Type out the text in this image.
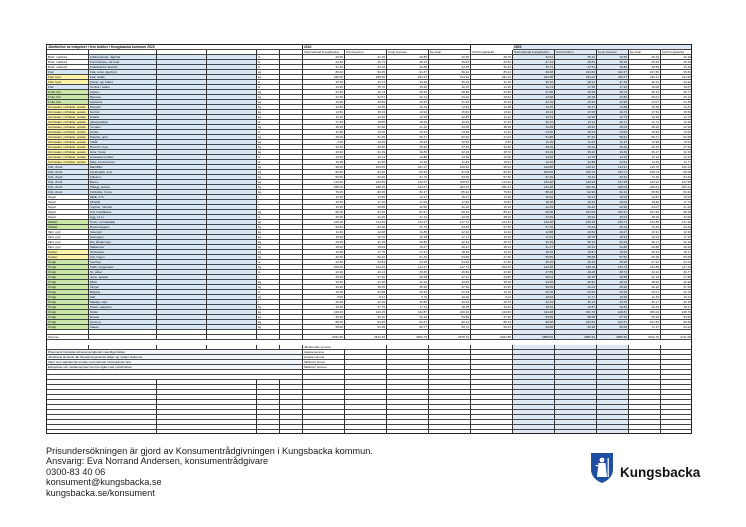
Jämförelse av matpriser i fem butiker i Kungsbacka kommun 2023	2022	2023
Stormarknad Kungsbacka	ICA Kvantum	Coop Konsum	Hemköp	Lidl Kungsbacka	Stormarknad Kungsbacka	ICA Kvantum	Coop Konsum	Hemköp	Lidl Kungsbacka
Bröd, matbröd	Fullkornsbröd, rågbröd	st	29.95	31.45	30.85	32.35	28.75	33.54	35.22	34.55	36.23	32.20
Bröd, matbröd	Formfranska, vitt bröd	st	24.50	25.73	25.23	26.46	23.52	27.44	28.81	28.26	29.64	26.34
Bröd, matbröd	Knäckebröd, fiberrikt	st	31.90	33.49	32.86	34.45	30.62	35.73	37.51	36.80	38.59	34.30
Fisk	Fisk, torsk, djupfryst	kg	89.00	93.45	91.67	96.12	85.44	99.68	104.66	102.67	107.65	95.69
Fisk, fryst	Fisk, laxfilé	kg	199.00	208.95	204.97	214.92	191.04	222.88	234.02	229.57	240.71	213.96
Fisk, fryst	Kaviar, typ Kalles	st	32.50	34.13	33.48	35.10	31.20	36.40	38.22	37.49	39.31	34.94
Fisk	Tonfisk i vatten	st	14.95	15.70	15.40	16.15	14.35	16.74	17.58	17.25	18.08	16.07
Frukt, bär	Äpplen	kg	24.90	26.14	25.65	26.89	23.90	27.89	29.28	28.72	30.12	26.77
Frukt, bär	Bananer	kg	21.50	22.57	22.14	23.22	20.64	24.08	25.28	24.80	26.01	23.12
Frukt, bär	Apelsiner	kg	19.90	20.89	20.50	21.49	19.10	22.29	23.40	22.96	24.07	21.40
Grönsaker, rotfrukter, potatis	Morötter	kg	12.90	13.55	13.29	13.93	12.38	14.45	15.17	14.88	15.60	13.87
Grönsaker, rotfrukter, potatis	Gul lök	kg	14.50	15.23	14.94	15.66	13.92	16.24	17.05	16.73	17.54	15.59
Grönsaker, rotfrukter, potatis	Potatis	kg	11.90	12.50	12.26	12.85	11.42	13.33	13.99	13.73	14.39	12.79
Grönsaker, rotfrukter, potatis	Isbergssallad	st	17.95	18.85	18.49	19.39	17.23	20.10	21.11	20.71	21.71	19.30
Grönsaker, rotfrukter, potatis	Tomater	kg	39.90	41.90	41.10	43.09	38.30	44.69	46.92	46.03	48.26	42.90
Grönsaker, rotfrukter, potatis	Gurka	st	12.95	13.60	13.34	13.99	12.43	14.50	15.23	14.94	15.66	13.92
Grönsaker, rotfrukter, potatis	Paprika, grön	kg	49.00	51.45	50.47	52.92	47.04	54.88	57.62	56.53	59.27	52.68
Grönsaker, rotfrukter, potatis	Vitkål	kg	9.90	10.40	10.20	10.69	9.50	11.09	11.64	11.42	11.98	10.64
Grönsaker, rotfrukter, potatis	Broccoli, fryst	kg	34.90	36.65	35.95	37.69	33.50	39.09	41.04	40.26	42.22	37.52
Grönsaker, rotfrukter, potatis	Ärtor, frysta	kg	29.90	31.39	30.80	32.29	28.70	33.49	35.16	34.49	36.17	32.15
Grönsaker, rotfrukter, potatis	Krossade tomater	st	12.50	13.13	12.88	13.50	12.00	14.00	14.70	14.42	15.12	13.44
Grönsaker, rotfrukter, potatis	Majs, konserverad	st	10.95	11.50	11.28	11.83	10.51	12.26	12.88	12.63	13.25	11.77
Kött, chark	Blandfärs	kg	99.00	103.95	101.97	106.92	95.04	110.88	116.42	114.21	119.75	106.44
Kött, chark	Kycklingfilé, fryst	kg	89.90	94.40	92.60	97.09	86.30	100.69	105.72	103.71	108.74	96.66
Kött, chark	Falukorv	kg	59.90	62.90	61.70	64.69	57.50	67.09	70.44	69.10	72.46	64.40
Kött, chark	Bacon	kg	119.00	124.95	122.57	128.52	114.24	133.28	139.94	137.28	143.94	127.95
Kött, chark	Pålägg, skinka	kg	189.00	198.45	194.67	204.12	181.44	211.68	222.26	218.03	228.61	203.21
Kött, chark	Köttbullar, frysta	kg	79.00	82.95	81.37	85.32	75.84	88.48	92.90	91.13	95.56	84.94
Mejeri	Mjölk, 3 %	l	13.95	14.65	14.37	15.07	13.39	15.62	16.41	16.09	16.87	15.00
Mejeri	Filmjölk	l	16.50	17.32	17.00	17.82	15.84	18.48	19.40	19.03	19.96	17.74
Mejeri	Yoghurt, naturell	l	19.90	20.89	20.50	21.49	19.10	22.29	23.40	22.96	24.07	21.40
Mejeri	Ost, hushållsost	kg	89.00	93.45	91.67	96.12	85.44	99.68	104.66	102.67	107.65	95.69
Mejeri	Ägg, 12 st	st	39.90	41.90	41.10	43.09	38.30	44.69	46.92	46.03	48.26	42.90
Matfett	Smör, normalsaltat	kg	109.00	114.45	112.27	117.72	104.64	122.08	128.18	125.74	131.85	117.20
Matfett	Bordsmargarin	kg	59.90	62.90	61.70	64.69	57.50	67.09	70.44	69.10	72.46	64.40
Mjöl, gryn	Vetemjöl	kg	11.50	12.08	11.85	12.42	11.04	12.88	13.52	13.27	13.91	12.36
Mjöl, gryn	Havregryn	kg	15.90	16.70	16.38	17.17	15.26	17.81	18.70	18.34	19.23	17.10
Mjöl, gryn	Ris, långkornigt	kg	29.90	31.39	30.80	32.29	28.70	33.49	35.16	34.49	36.17	32.15
Mjöl, gryn	Makaroner	kg	18.90	19.84	19.47	20.41	18.14	21.17	22.23	21.80	22.86	20.32
Socker	Strösocker	kg	16.90	17.75	17.41	18.25	16.22	18.93	19.87	19.50	20.44	18.17
Socker	Sylt, lingon	kg	49.90	52.40	51.40	53.89	47.90	55.89	58.68	57.56	60.36	53.65
Övrigt	Ketchup	st	22.50	23.63	23.18	24.30	21.60	25.20	26.46	25.96	27.22	24.19
Övrigt	Kaffe, bryggmalet	kg	109.00	114.45	112.27	117.72	104.64	122.08	128.18	125.74	131.85	117.20
Övrigt	Te, påsar	st	24.90	26.14	25.65	26.89	23.90	27.89	29.28	28.72	30.12	26.77
Övrigt	Juice, apelsin	l	25.90	27.20	26.68	27.97	24.86	29.01	30.46	29.88	31.33	27.85
Övrigt	Müsli	kg	39.90	41.90	41.10	43.09	38.30	44.69	46.92	46.03	48.26	42.90
Övrigt	Flingor	kg	34.90	36.65	35.95	37.69	33.50	39.09	41.04	40.26	42.22	37.52
Övrigt	Buljong	st	19.90	20.89	20.50	21.49	19.10	22.29	23.40	22.96	24.07	21.40
Övrigt	Salt	kg	9.50	9.97	9.79	10.26	9.12	10.64	11.17	10.96	11.49	10.21
Övrigt	Matolja, raps	l	29.90	31.39	30.80	32.29	28.70	33.49	35.16	34.49	36.17	32.15
Övrigt	Pasta, spaghetti	kg	16.90	17.75	17.41	18.25	16.22	18.93	19.87	19.50	20.44	18.17
Övrigt	Nötter	kg	129.00	135.45	132.87	139.32	123.84	144.48	151.70	148.81	156.04	138.70
Övrigt	Russin	kg	49.90	52.40	51.40	53.89	47.90	55.89	58.68	57.56	60.36	53.65
Övrigt	Honung	kg	89.00	93.45	91.67	96.12	85.44	99.68	104.66	102.67	107.65	95.69
Övrigt	Kakao	kg	59.00	61.95	60.77	63.72	56.64	66.08	69.38	68.06	71.37	63.44
Summa	2491.50	2613.40	2560.75	2678.10	2402.85	2808.90	2950.20	2899.35	3012.70	2711.60
Jämförande summa
Priserna är hämtade vid samma tidpunkt i samtliga butiker.	Lägsta summa
Jämförpris används där förpackningsstorlek skiljer sig mellan butikerna.	Högsta summa
Varor som saknats har ersatts med närmast motsvarande vara.	Skillnad i kronor
Extrapriser och medlemspriser har inte tagits med i jämförelsen.	Skillnad i procent
Prisundersökningen är gjord av Konsumentrådgivningen i Kungsbacka kommun.
Ansvarig: Eva Norrand Andersen, konsumentrådgivare
0300-83 40 06
konsument@kungsbacka.se
kungsbacka.se/konsument
Kungsbacka
